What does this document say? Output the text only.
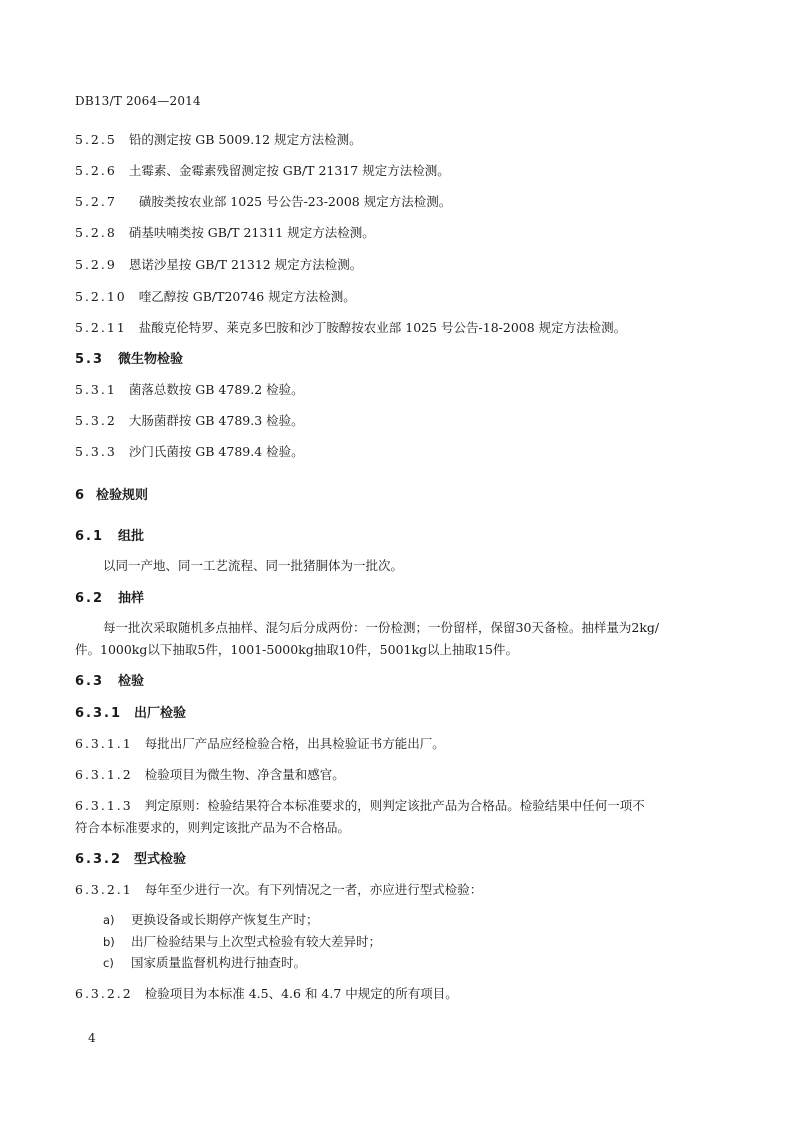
DB13/T 2064—2014
5.2.5 铅的测定按 GB 5009.12 规定方法检测。
5.2.6 土霉素、金霉素残留测定按 GB/T 21317 规定方法检测。
5.2.7 磺胺类按农业部 1025 号公告-23-2008 规定方法检测。
5.2.8 硝基呋喃类按 GB/T 21311 规定方法检测。
5.2.9 恩诺沙星按 GB/T 21312 规定方法检测。
5.2.10 喹乙醇按 GB/T20746 规定方法检测。
5.2.11 盐酸克伦特罗、莱克多巴胺和沙丁胺醇按农业部 1025 号公告-18-2008 规定方法检测。
5.3 微生物检验
5.3.1 菌落总数按 GB 4789.2 检验。
5.3.2 大肠菌群按 GB 4789.3 检验。
5.3.3 沙门氏菌按 GB 4789.4 检验。
6 检验规则
6.1 组批
以同一产地、同一工艺流程、同一批猪胴体为一批次。
6.2 抽样
每一批次采取随机多点抽样、混匀后分成两份：一份检测；一份留样，保留30天备检。抽样量为2kg/
件。1000kg以下抽取5件，1001-5000kg抽取10件，5001kg以上抽取15件。
6.3 检验
6.3.1 出厂检验
6.3.1.1 每批出厂产品应经检验合格，出具检验证书方能出厂。
6.3.1.2 检验项目为微生物、净含量和感官。
6.3.1.3 判定原则：检验结果符合本标准要求的，则判定该批产品为合格品。检验结果中任何一项不
符合本标准要求的，则判定该批产品为不合格品。
6.3.2 型式检验
6.3.2.1 每年至少进行一次。有下列情况之一者，亦应进行型式检验：
a) 更换设备或长期停产恢复生产时；
b) 出厂检验结果与上次型式检验有较大差异时；
c) 国家质量监督机构进行抽查时。
6.3.2.2 检验项目为本标准 4.5、4.6 和 4.7 中规定的所有项目。
4
